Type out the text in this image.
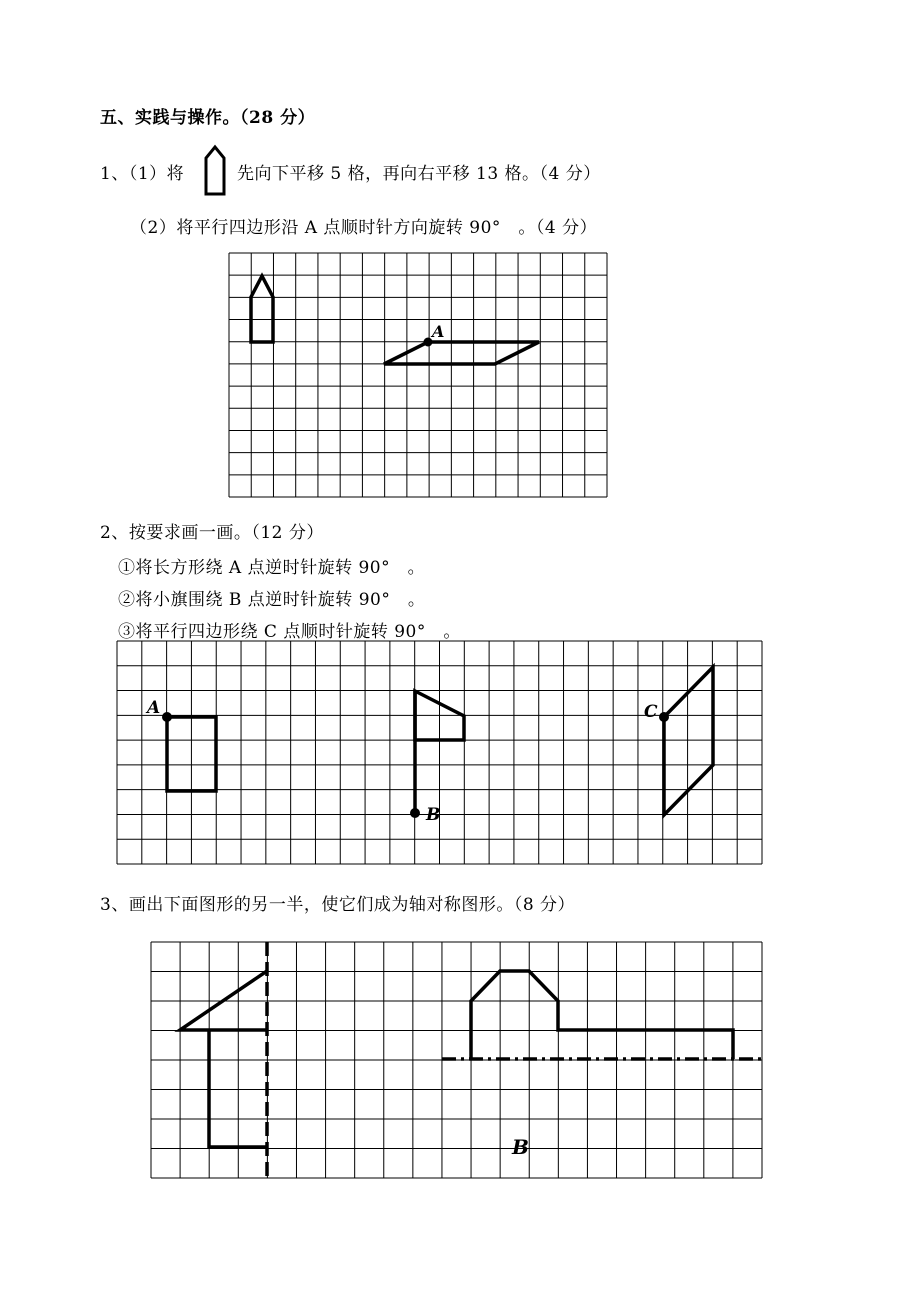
五、实践与操作。（28 分）
1、（1）将	先向下平移 5 格，再向右平移 13 格。（4 分）
（2）将平行四边形沿 A 点顺时针方向旋转 90°　。（4 分）
A
2、按要求画一画。（12 分）
①将长方形绕 A 点逆时针旋转 90°　。
②将小旗围绕 B 点逆时针旋转 90°　。
③将平行四边形绕 C 点顺时针旋转 90°　。
A
B
C
3、画出下面图形的另一半，使它们成为轴对称图形。（8 分）
B
